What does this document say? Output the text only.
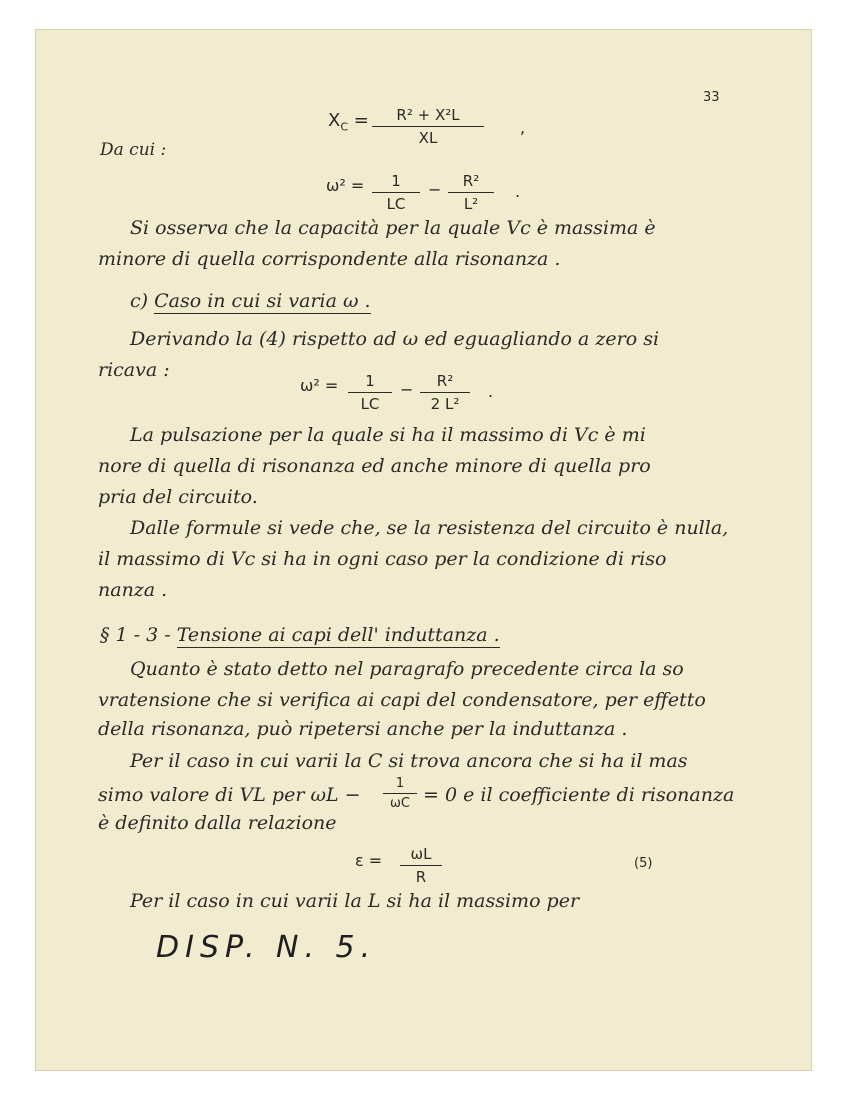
33
$X_C = \frac{\text{R² + X²L}}{XL}$ ,
Da cui :
$\omega^2 = \frac{1}{LC} - \frac{\text{R²}}{\text{L²}}$ .
Si osserva che la capacità per la quale Vc è massima è
minore di quella corrispondente alla risonanza .
c) Caso in cui si varia ω .
Derivando la (4) rispetto ad ω ed eguagliando a zero si
ricava :
$\omega^2 = \frac{1}{LC} - \frac{\text{R²}}{\text{2 L²}}$ .
La pulsazione per la quale si ha il massimo di Vc è mi
nore di quella di risonanza ed anche minore di quella pro
pria del circuito.
Dalle formule si vede che, se la resistenza del circuito è nulla,
il massimo di Vc si ha in ogni caso per la condizione di riso
nanza .
§ 1 - 3 - Tensione ai capi dell' induttanza .
Quanto è stato detto nel paragrafo precedente circa la so
vratensione che si verifica ai capi del condensatore, per effetto
della risonanza, può ripetersi anche per la induttanza .
Per il caso in cui varii la C si trova ancora che si ha il mas
simo valore di VL per $\omega L - \frac{1}{\omega C} = 0$ e il coefficiente di risonanza
è definito dalla relazione
$\varepsilon = \frac{\omega L}{R}$	(5)
Per il caso in cui varii la L si ha il massimo per
DISP. N. 5.
